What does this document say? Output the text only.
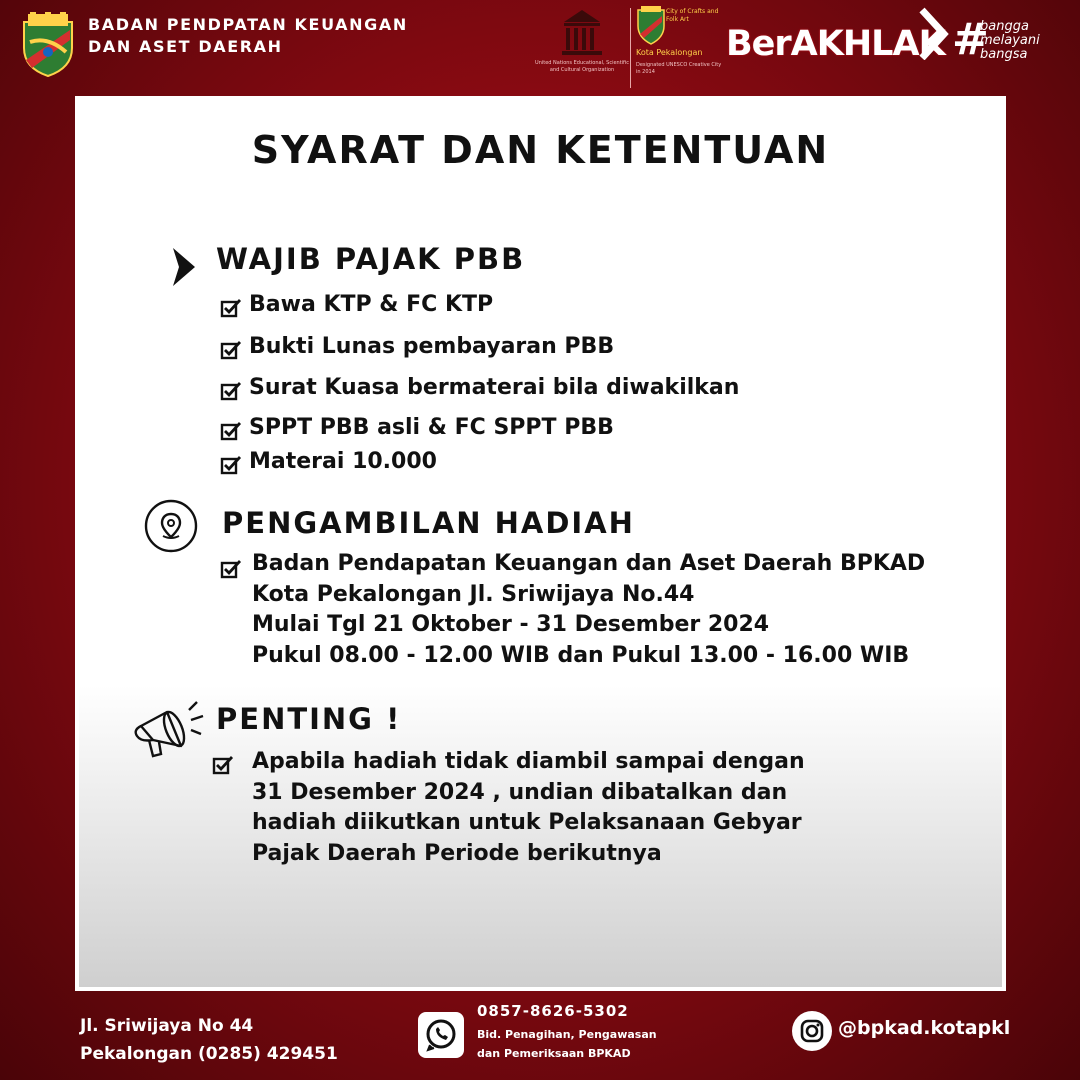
BADAN PENDPATAN KEUANGAN
DAN ASET DAERAH
United Nations Educational, Scientific and Cultural Organization
City of Crafts and Folk Art
Kota Pekalongan
Designated UNESCO Creative City in 2014
BerAKHLAK #
bangga
melayani
bangsa
SYARAT DAN KETENTUAN
WAJIB PAJAK PBB
Bawa KTP & FC KTP
Bukti Lunas pembayaran PBB
Surat Kuasa bermaterai bila diwakilkan
SPPT PBB asli & FC SPPT PBB
Materai 10.000
PENGAMBILAN HADIAH
Badan Pendapatan Keuangan dan Aset Daerah BPKAD
Kota Pekalongan Jl. Sriwijaya No.44
Mulai Tgl 21 Oktober - 31 Desember 2024
Pukul 08.00 - 12.00 WIB dan Pukul 13.00 - 16.00 WIB
PENTING !
Apabila hadiah tidak diambil sampai dengan
31 Desember 2024 , undian dibatalkan dan
hadiah diikutkan untuk Pelaksanaan Gebyar
Pajak Daerah Periode berikutnya
Jl. Sriwijaya No 44
Pekalongan (0285) 429451
0857-8626-5302
Bid. Penagihan, Pengawasan
dan Pemeriksaan BPKAD
@bpkad.kotapkl
